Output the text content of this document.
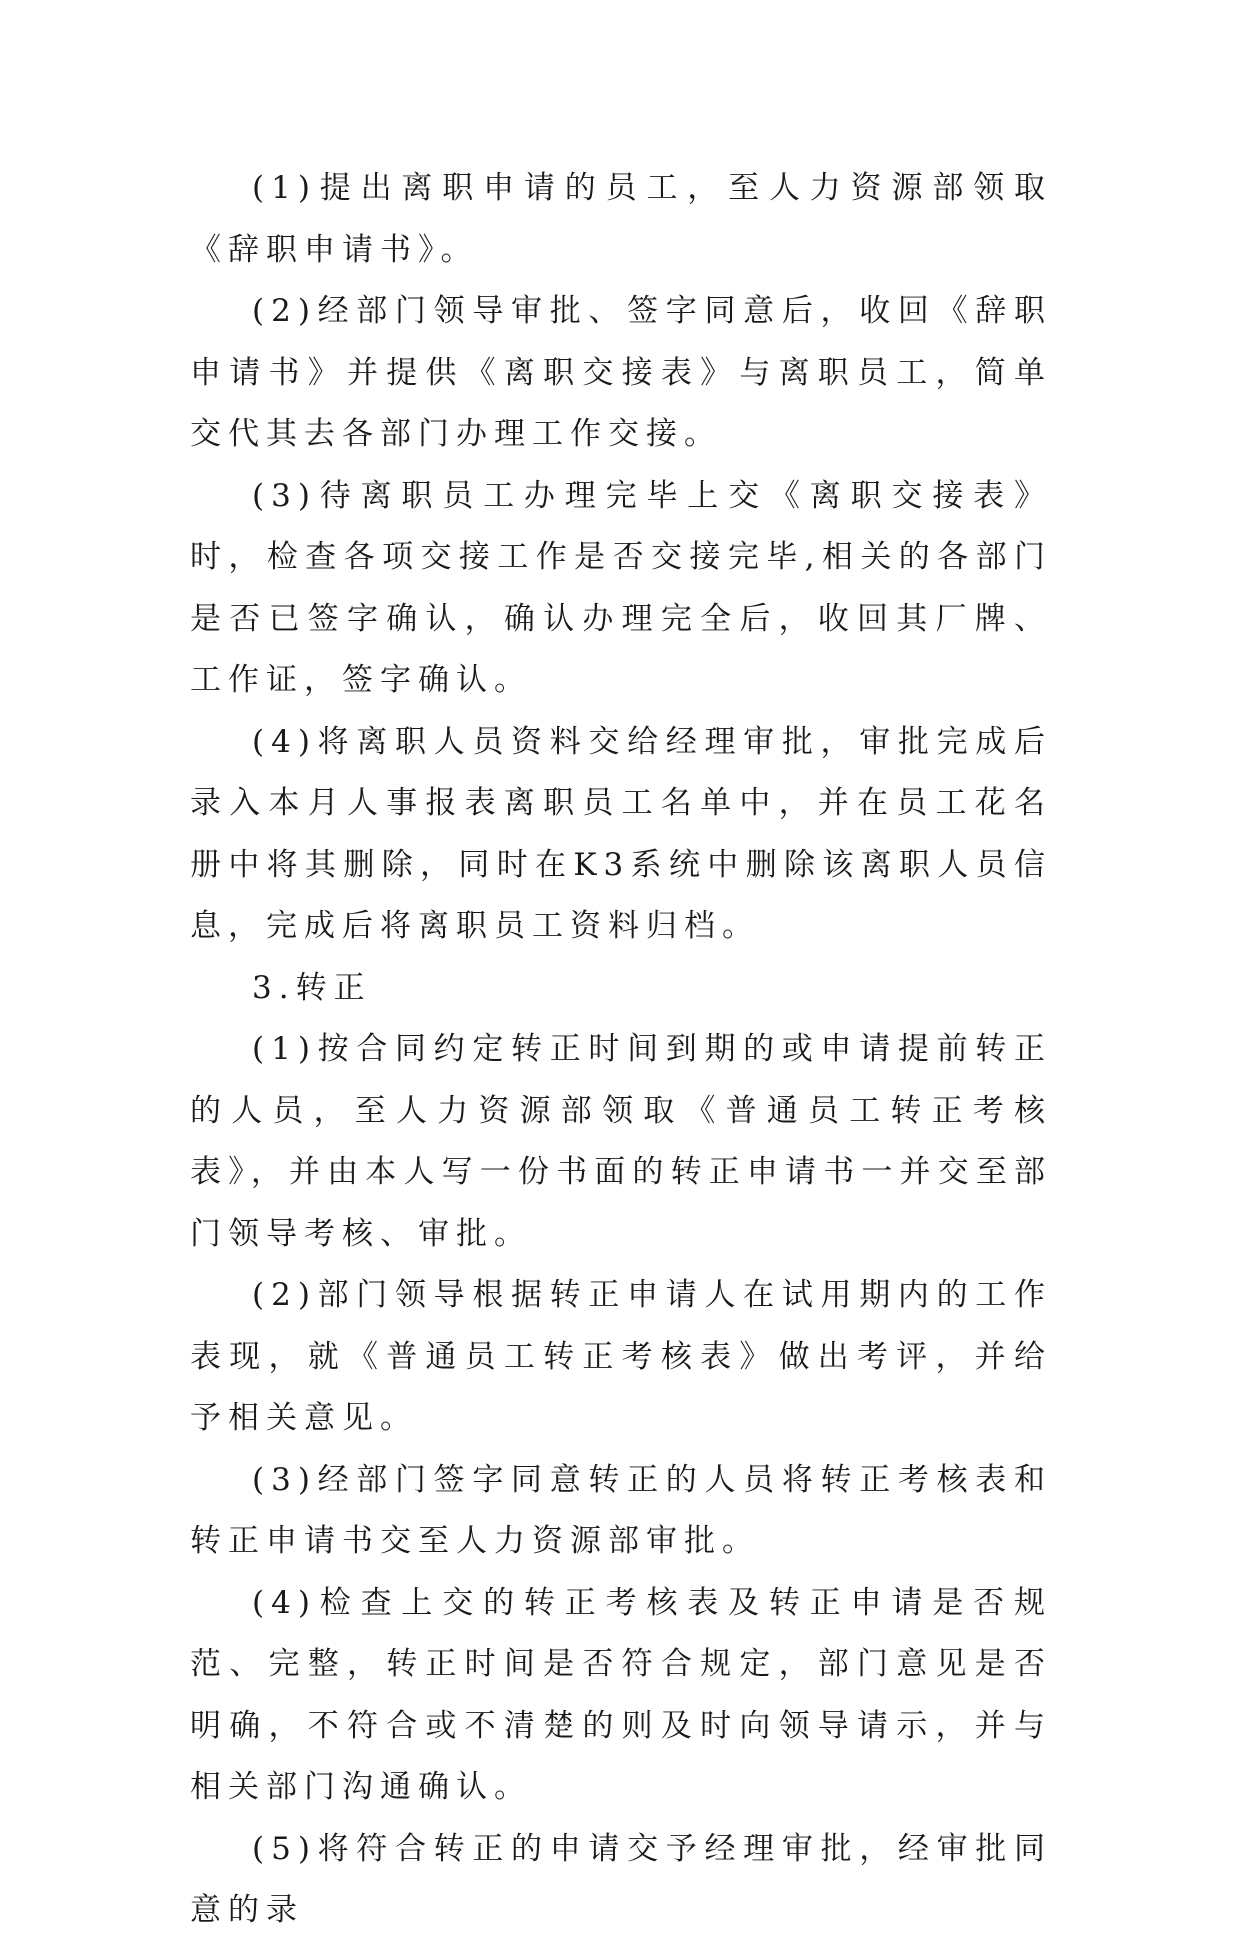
(1)提出离职申请的员工，至人力资源部领取《辞职申请书》。

(2)经部门领导审批、签字同意后，收回《辞职申请书》并提供《离职交接表》与离职员工，简单交代其去各部门办理工作交接。

(3)待离职员工办理完毕上交《离职交接表》时，检查各项交接工作是否交接完毕,相关的各部门是否已签字确认，确认办理完全后，收回其厂牌、工作证，签字确认。

(4)将离职人员资料交给经理审批，审批完成后录入本月人事报表离职员工名单中，并在员工花名册中将其删除，同时在K3系统中删除该离职人员信息，完成后将离职员工资料归档。

3.转正

(1)按合同约定转正时间到期的或申请提前转正的人员，至人力资源部领取《普通员工转正考核表》，并由本人写一份书面的转正申请书一并交至部门领导考核、审批。

(2)部门领导根据转正申请人在试用期内的工作表现，就《普通员工转正考核表》做出考评，并给予相关意见。

(3)经部门签字同意转正的人员将转正考核表和转正申请书交至人力资源部审批。

(4)检查上交的转正考核表及转正申请是否规范、完整，转正时间是否符合规定，部门意见是否明确，不符合或不清楚的则及时向领导请示，并与相关部门沟通确认。

(5)将符合转正的申请交予经理审批，经审批同意的录
